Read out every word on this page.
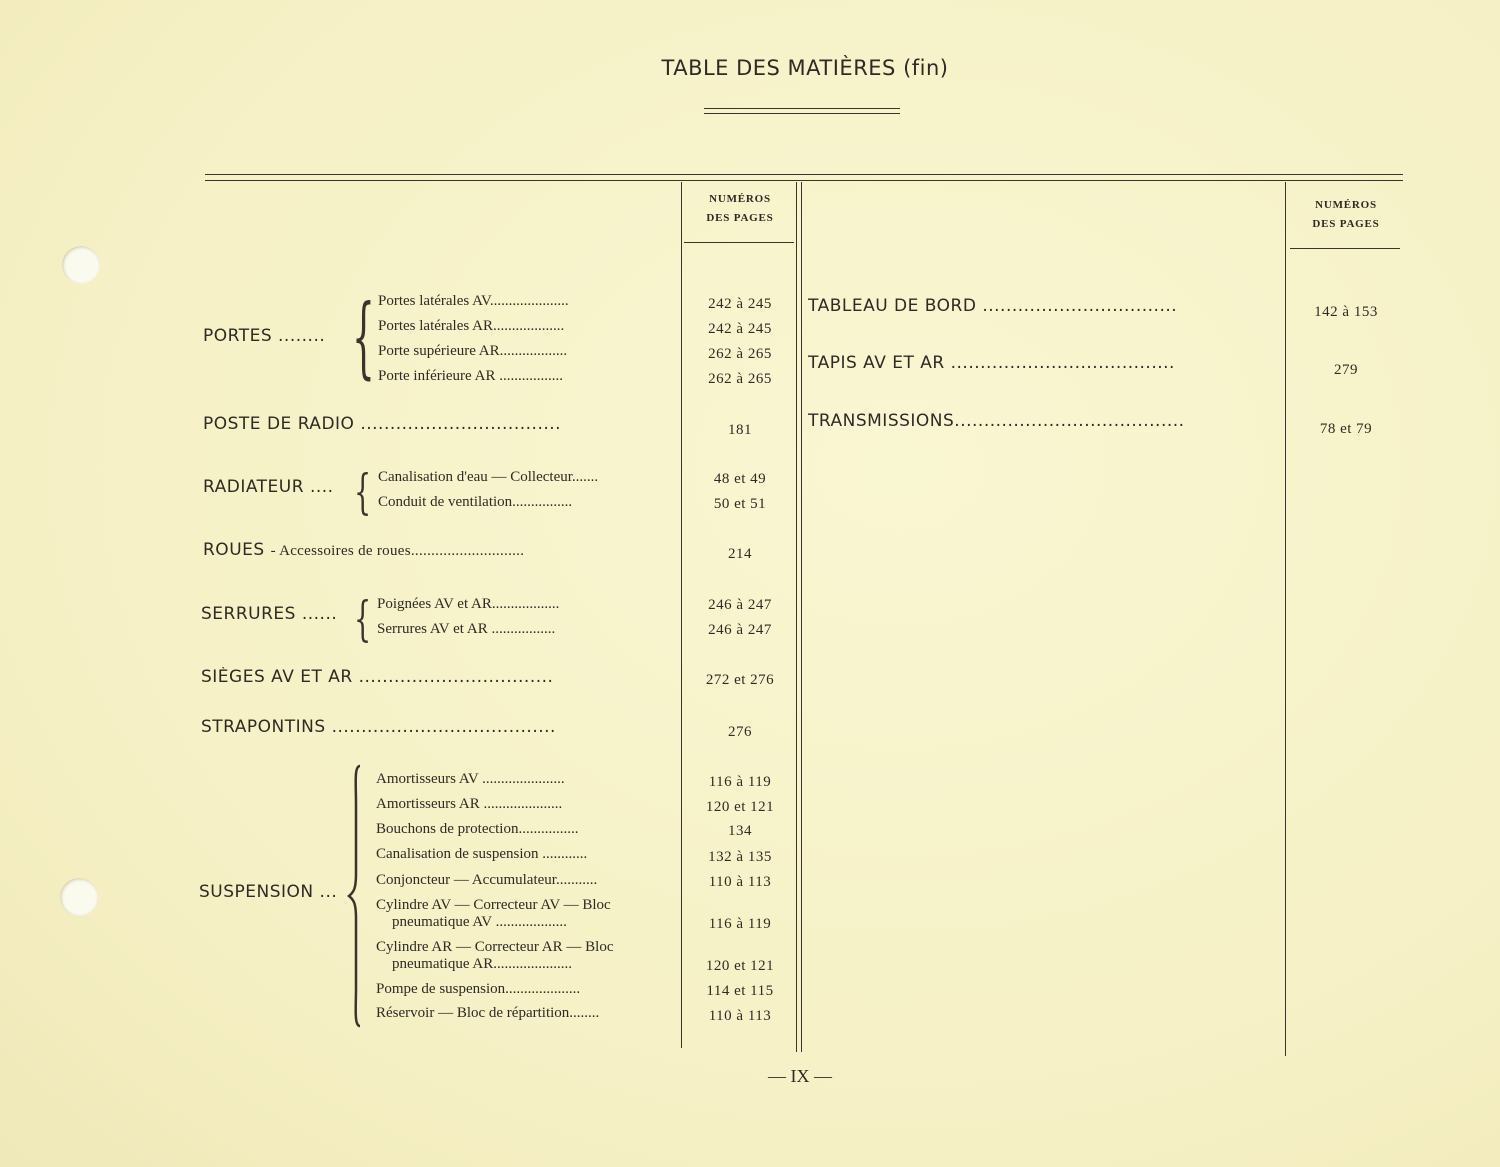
TABLE DES MATIÈRES (fin)
NUMÉROS
DES PAGES
NUMÉROS
DES PAGES
PORTES ........ { Portes latérales AV.....................	242 à 245
Portes latérales AR...................	242 à 245
Porte supérieure AR..................	262 à 265
Porte inférieure AR .................	262 à 265
POSTE DE RADIO ..................................	181
RADIATEUR .... { Canalisation d'eau — Collecteur.......	48 et 49
Conduit de ventilation................	50 et 51
ROUES - Accessoires de roues............................	214
SERRURES ...... { Poignées AV et AR..................	246 à 247
Serrures AV et AR .................	246 à 247
SIÈGES AV ET AR .................................	272 et 276
STRAPONTINS ......................................	276
SUSPENSION ...
Amortisseurs AV ......................	116 à 119
Amortisseurs AR .....................	120 et 121
Bouchons de protection................	134
Canalisation de suspension ............	132 à 135
Conjoncteur — Accumulateur...........	110 à 113
Cylindre AV — Correcteur AV — Bloc
pneumatique AV ...................	116 à 119
Cylindre AR — Correcteur AR — Bloc
pneumatique AR.....................	120 et 121
Pompe de suspension....................	114 et 115
Réservoir — Bloc de répartition........	110 à 113
TABLEAU DE BORD .................................	142 à 153
TAPIS AV ET AR ......................................	279
TRANSMISSIONS.......................................	78 et 79
— IX —
